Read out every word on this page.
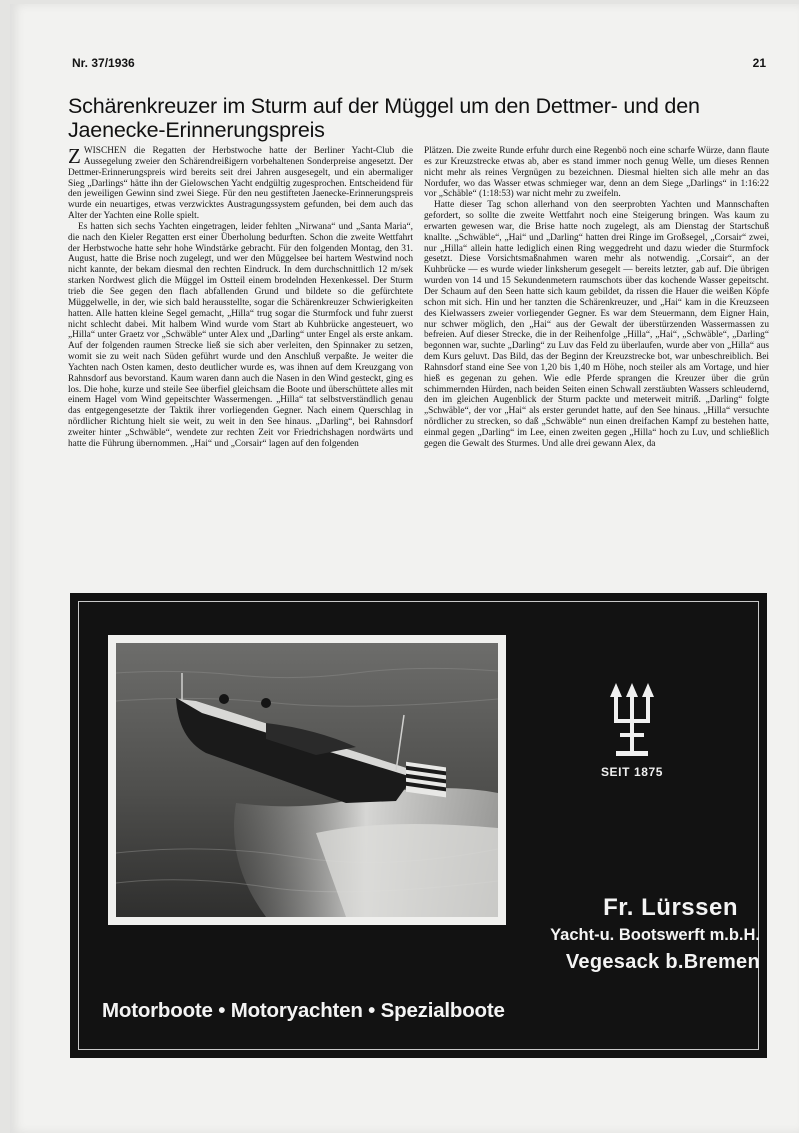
Nr. 37/1936	21
Schärenkreuzer im Sturm auf der Müggel um den Dettmer- und den Jaenecke-Erinnerungspreis

ZWISCHEN die Regatten der Herbstwoche hatte der Berliner Yacht-Club die Aussegelung zweier den Schärendreißigern vorbehaltenen Sonderpreise angesetzt. Der Dettmer-Erinnerungspreis wird bereits seit drei Jahren ausgesegelt, und ein abermaliger Sieg „Darlings“ hätte ihn der Gielowschen Yacht endgültig zugesprochen. Entscheidend für den jeweiligen Gewinn sind zwei Siege. Für den neu gestifteten Jaenecke-Erinnerungspreis wurde ein neuartiges, etwas verzwicktes Austragungssystem gefunden, bei dem auch das Alter der Yachten eine Rolle spielt.

Es hatten sich sechs Yachten eingetragen, leider fehlten „Nirwana“ und „Santa Maria“, die nach den Kieler Regatten erst einer Überholung bedurften. Schon die zweite Wettfahrt der Herbstwoche hatte sehr hohe Windstärke gebracht. Für den folgenden Montag, den 31. August, hatte die Brise noch zugelegt, und wer den Müggelsee bei hartem Westwind noch nicht kannte, der bekam diesmal den rechten Eindruck. In dem durchschnittlich 12 m/sek starken Nordwest glich die Müggel im Ostteil einem brodelnden Hexenkessel. Der Sturm trieb die See gegen den flach abfallenden Grund und bildete so die gefürchtete Müggelwelle, in der, wie sich bald herausstellte, sogar die Schärenkreuzer Schwierigkeiten hatten. Alle hatten kleine Segel gemacht, „Hilla“ trug sogar die Sturmfock und fuhr zuerst nicht schlecht dabei. Mit halbem Wind wurde vom Start ab Kuhbrücke angesteuert, wo „Hilla“ unter Graetz vor „Schwäble“ unter Alex und „Darling“ unter Engel als erste ankam. Auf der folgenden raumen Strecke ließ sie sich aber verleiten, den Spinnaker zu setzen, womit sie zu weit nach Süden geführt wurde und den Anschluß verpaßte. Je weiter die Yachten nach Osten kamen, desto deutlicher wurde es, was ihnen auf dem Kreuzgang von Rahnsdorf aus bevorstand. Kaum waren dann auch die Nasen in den Wind gesteckt, ging es los. Die hohe, kurze und steile See überfiel gleichsam die Boote und überschüttete alles mit einem Hagel vom Wind gepeitschter Wassermengen. „Hilla“ tat selbstverständlich genau das entgegengesetzte der Taktik ihrer vorliegenden Gegner. Nach einem Querschlag in nördlicher Richtung hielt sie weit, zu weit in den See hinaus. „Darling“, bei Rahnsdorf zweiter hinter „Schwäble“, wendete zur rechten Zeit vor Friedrichshagen nordwärts und hatte die Führung übernommen. „Hai“ und „Corsair“ lagen auf den folgenden

Plätzen. Die zweite Runde erfuhr durch eine Regenbö noch eine scharfe Würze, dann flaute es zur Kreuzstrecke etwas ab, aber es stand immer noch genug Welle, um dieses Rennen nicht mehr als reines Vergnügen zu bezeichnen. Diesmal hielten sich alle mehr an das Nordufer, wo das Wasser etwas schmieger war, denn an dem Siege „Darlings“ in 1:16:22 vor „Schäble“ (1:18:53) war nicht mehr zu zweifeln.

Hatte dieser Tag schon allerhand von den seerprobten Yachten und Mannschaften gefordert, so sollte die zweite Wettfahrt noch eine Steigerung bringen. Was kaum zu erwarten gewesen war, die Brise hatte noch zugelegt, als am Dienstag der Startschuß knallte. „Schwäble“, „Hai“ und „Darling“ hatten drei Ringe im Großsegel, „Corsair“ zwei, nur „Hilla“ allein hatte lediglich einen Ring weggedreht und dazu wieder die Sturmfock gesetzt. Diese Vorsichtsmaßnahmen waren mehr als notwendig. „Corsair“, an der Kuhbrücke — es wurde wieder linksherum gesegelt — bereits letzter, gab auf. Die übrigen wurden von 14 und 15 Sekundenmetern raumschots über das kochende Wasser gepeitscht. Der Schaum auf den Seen hatte sich kaum gebildet, da rissen die Hauer die weißen Köpfe schon mit sich. Hin und her tanzten die Schärenkreuzer, und „Hai“ kam in die Kreuzseen des Kielwassers zweier vorliegender Gegner. Es war dem Steuermann, dem Eigner Hain, nur schwer möglich, den „Hai“ aus der Gewalt der überstürzenden Wassermassen zu befreien. Auf dieser Strecke, die in der Reihenfolge „Hilla“, „Hai“, „Schwäble“, „Darling“ begonnen war, suchte „Darling“ zu Luv das Feld zu überlaufen, wurde aber von „Hilla“ aus dem Kurs geluvt. Das Bild, das der Beginn der Kreuzstrecke bot, war unbeschreiblich. Bei Rahnsdorf stand eine See von 1,20 bis 1,40 m Höhe, noch steiler als am Vortage, und hier hieß es gegenan zu gehen. Wie edle Pferde sprangen die Kreuzer über die grün schimmernden Hürden, nach beiden Seiten einen Schwall zerstäubten Wassers schleudernd, den im gleichen Augenblick der Sturm packte und meterweit mitriß. „Darling“ folgte „Schwäble“, der vor „Hai“ als erster gerundet hatte, auf den See hinaus. „Hilla“ versuchte nördlicher zu strecken, so daß „Schwäble“ nun einen dreifachen Kampf zu bestehen hatte, einmal gegen „Darling“ im Lee, einen zweiten gegen „Hilla“ hoch zu Luv, und schließlich gegen die Gewalt des Sturmes. Und alle drei gewann Alex, da

SEIT 1875
Fr. Lürssen
Yacht-u. Bootswerft m.b.H.
Vegesack b.Bremen
Motorboote • Motoryachten • Spezialboote
